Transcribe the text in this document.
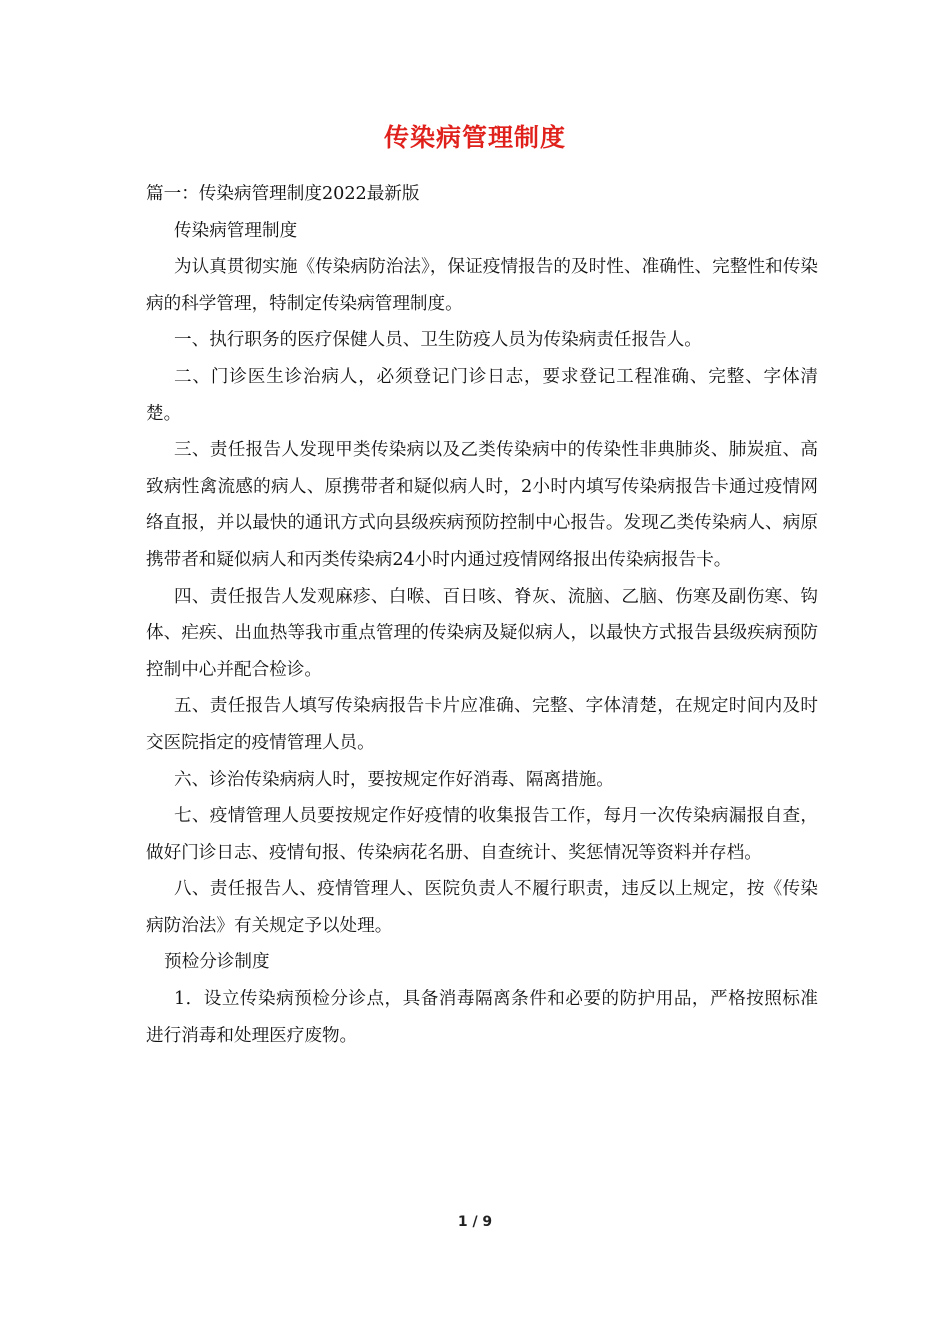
传染病管理制度

篇一：传染病管理制度2022最新版

传染病管理制度

为认真贯彻实施《传染病防治法》，保证疫情报告的及时性、准确性、完整性和传染病的科学管理，特制定传染病管理制度。

一、执行职务的医疗保健人员、卫生防疫人员为传染病责任报告人。

二、门诊医生诊治病人，必须登记门诊日志，要求登记工程准确、完整、字体清楚。

三、责任报告人发现甲类传染病以及乙类传染病中的传染性非典肺炎、肺炭疽、高致病性禽流感的病人、原携带者和疑似病人时，2小时内填写传染病报告卡通过疫情网络直报，并以最快的通讯方式向县级疾病预防控制中心报告。发现乙类传染病人、病原携带者和疑似病人和丙类传染病24小时内通过疫情网络报出传染病报告卡。

四、责任报告人发观麻疹、白喉、百日咳、脊灰、流脑、乙脑、伤寒及副伤寒、钩体、疟疾、出血热等我市重点管理的传染病及疑似病人，以最快方式报告县级疾病预防控制中心并配合检诊。

五、责任报告人填写传染病报告卡片应准确、完整、字体清楚，在规定时间内及时交医院指定的疫情管理人员。

六、诊治传染病病人时，要按规定作好消毒、隔离措施。

七、疫情管理人员要按规定作好疫情的收集报告工作，每月一次传染病漏报自查，做好门诊日志、疫情旬报、传染病花名册、自查统计、奖惩情况等资料并存档。

八、责任报告人、疫情管理人、医院负责人不履行职责，违反以上规定，按《传染病防治法》有关规定予以处理。

预检分诊制度

1．设立传染病预检分诊点，具备消毒隔离条件和必要的防护用品，严格按照标准进行消毒和处理医疗废物。

1 / 9
